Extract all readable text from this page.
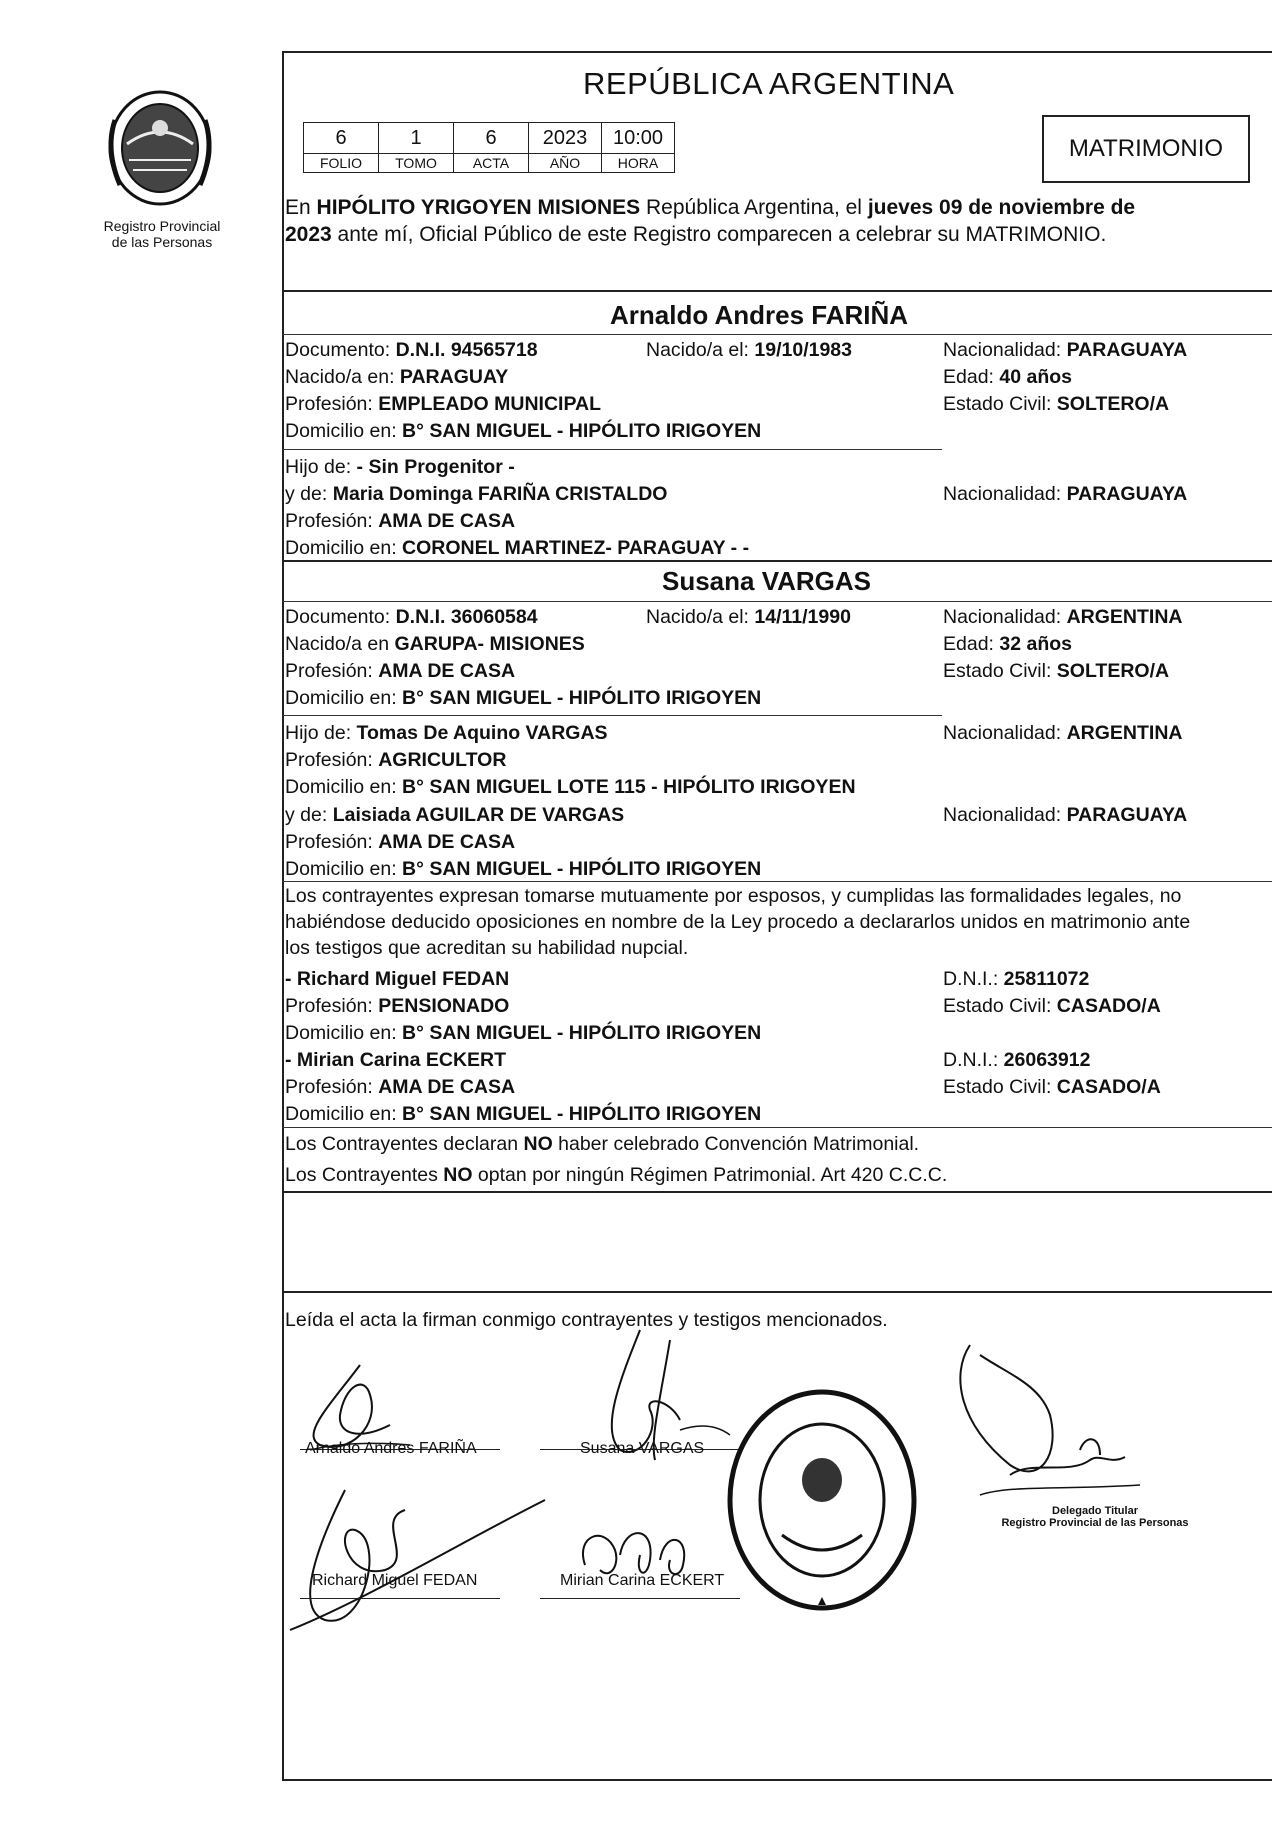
Registro Provincial
de las Personas
REPÚBLICA ARGENTINA
6	1	6	2023	10:00
FOLIO	TOMO	ACTA	AÑO	HORA
MATRIMONIO
En HIPÓLITO YRIGOYEN MISIONES República Argentina, el jueves 09 de noviembre de
2023 ante mí, Oficial Público de este Registro comparecen a celebrar su MATRIMONIO.
Arnaldo Andres FARIÑA
Documento: D.N.I. 94565718	Nacido/a el: 19/10/1983	Nacionalidad: PARAGUAYA
Nacido/a en: PARAGUAY	Edad: 40 años
Profesión: EMPLEADO MUNICIPAL	Estado Civil: SOLTERO/A
Domicilio en: B° SAN MIGUEL - HIPÓLITO IRIGOYEN
Hijo de: - Sin Progenitor -
y de: Maria Dominga FARIÑA CRISTALDO	Nacionalidad: PARAGUAYA
Profesión: AMA DE CASA
Domicilio en: CORONEL MARTINEZ- PARAGUAY - -
Susana VARGAS
Documento: D.N.I. 36060584	Nacido/a el: 14/11/1990	Nacionalidad: ARGENTINA
Nacido/a en GARUPA- MISIONES	Edad: 32 años
Profesión: AMA DE CASA	Estado Civil: SOLTERO/A
Domicilio en: B° SAN MIGUEL - HIPÓLITO IRIGOYEN
Hijo de: Tomas De Aquino VARGAS	Nacionalidad: ARGENTINA
Profesión: AGRICULTOR
Domicilio en: B° SAN MIGUEL LOTE 115 - HIPÓLITO IRIGOYEN
y de: Laisiada AGUILAR DE VARGAS	Nacionalidad: PARAGUAYA
Profesión: AMA DE CASA
Domicilio en: B° SAN MIGUEL - HIPÓLITO IRIGOYEN
Los contrayentes expresan tomarse mutuamente por esposos, y cumplidas las formalidades legales, no
habiéndose deducido oposiciones en nombre de la Ley procedo a declararlos unidos en matrimonio ante
los testigos que acreditan su habilidad nupcial.
- Richard Miguel FEDAN	D.N.I.: 25811072
Profesión: PENSIONADO	Estado Civil: CASADO/A
Domicilio en: B° SAN MIGUEL - HIPÓLITO IRIGOYEN
- Mirian Carina ECKERT	D.N.I.: 26063912
Profesión: AMA DE CASA	Estado Civil: CASADO/A
Domicilio en: B° SAN MIGUEL - HIPÓLITO IRIGOYEN
Los Contrayentes declaran NO haber celebrado Convención Matrimonial.
Los Contrayentes NO optan por ningún Régimen Patrimonial. Art 420 C.C.C.
Leída el acta la firman conmigo contrayentes y testigos mencionados.
Arnaldo Andres FARIÑA	Susana VARGAS
Richard Miguel FEDAN	Mirian Carina ECKERT
Delegado Titular
Registro Provincial de las Personas
